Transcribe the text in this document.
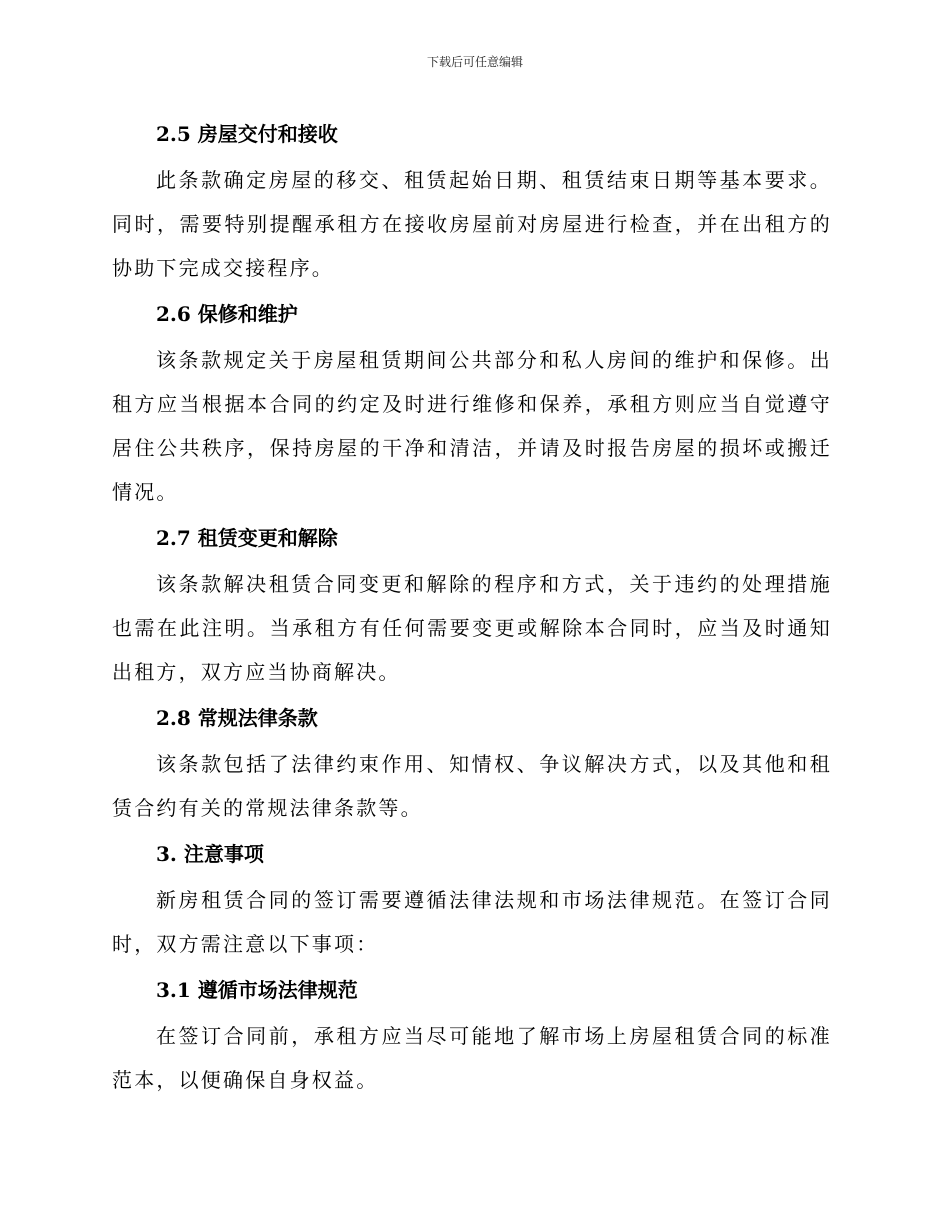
下载后可任意编辑
2.5 房屋交付和接收

此条款确定房屋的移交、租赁起始日期、租赁结束日期等基本要求。同时，需要特别提醒承租方在接收房屋前对房屋进行检查，并在出租方的协助下完成交接程序。

2.6 保修和维护

该条款规定关于房屋租赁期间公共部分和私人房间的维护和保修。出租方应当根据本合同的约定及时进行维修和保养，承租方则应当自觉遵守居住公共秩序，保持房屋的干净和清洁，并请及时报告房屋的损坏或搬迁情况。

2.7 租赁变更和解除

该条款解决租赁合同变更和解除的程序和方式，关于违约的处理措施也需在此注明。当承租方有任何需要变更或解除本合同时，应当及时通知出租方，双方应当协商解决。

2.8 常规法律条款

该条款包括了法律约束作用、知情权、争议解决方式，以及其他和租赁合约有关的常规法律条款等。

3. 注意事项

新房租赁合同的签订需要遵循法律法规和市场法律规范。在签订合同时，双方需注意以下事项：

3.1 遵循市场法律规范

在签订合同前，承租方应当尽可能地了解市场上房屋租赁合同的标准范本，以便确保自身权益。
